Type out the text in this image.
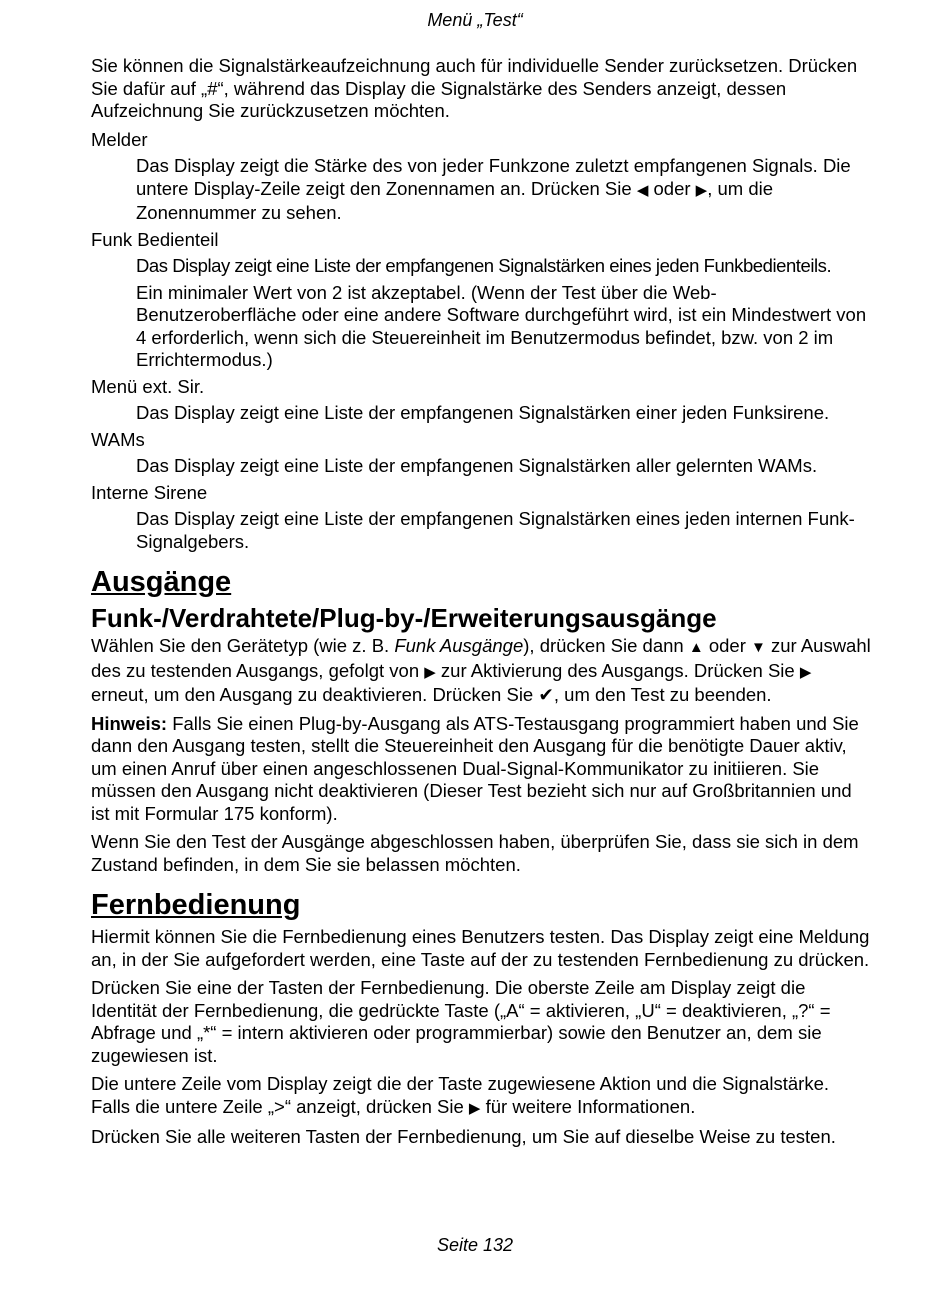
Menü „Test“

Sie können die Signalstärkeaufzeichnung auch für individuelle Sender zurücksetzen. Drücken Sie dafür auf „#“, während das Display die Signalstärke des Senders anzeigt, dessen Aufzeichnung Sie zurückzusetzen möchten.

Melder

Das Display zeigt die Stärke des von jeder Funkzone zuletzt empfangenen Signals. Die untere Display-Zeile zeigt den Zonennamen an. Drücken Sie ◀ oder ▶, um die Zonennummer zu sehen.

Funk Bedienteil

Das Display zeigt eine Liste der empfangenen Signalstärken eines jeden Funkbedienteils.

Ein minimaler Wert von 2 ist akzeptabel. (Wenn der Test über die Web-Benutzeroberfläche oder eine andere Software durchgeführt wird, ist ein Mindestwert von 4 erforderlich, wenn sich die Steuereinheit im Benutzermodus befindet, bzw. von 2 im Errichtermodus.)

Menü ext. Sir.

Das Display zeigt eine Liste der empfangenen Signalstärken einer jeden Funksirene.

WAMs

Das Display zeigt eine Liste der empfangenen Signalstärken aller gelernten WAMs.

Interne Sirene

Das Display zeigt eine Liste der empfangenen Signalstärken eines jeden internen Funk-Signalgebers.

Ausgänge
Funk-/Verdrahtete/Plug-by-/Erweiterungsausgänge

Wählen Sie den Gerätetyp (wie z. B. Funk Ausgänge), drücken Sie dann ▲ oder ▼ zur Auswahl des zu testenden Ausgangs, gefolgt von ▶ zur Aktivierung des Ausgangs. Drücken Sie ▶ erneut, um den Ausgang zu deaktivieren. Drücken Sie ✔, um den Test zu beenden.

Hinweis: Falls Sie einen Plug-by-Ausgang als ATS-Testausgang programmiert haben und Sie dann den Ausgang testen, stellt die Steuereinheit den Ausgang für die benötigte Dauer aktiv, um einen Anruf über einen angeschlossenen Dual-Signal-Kommunikator zu initiieren. Sie müssen den Ausgang nicht deaktivieren (Dieser Test bezieht sich nur auf Großbritannien und ist mit Formular 175 konform).

Wenn Sie den Test der Ausgänge abgeschlossen haben, überprüfen Sie, dass sie sich in dem Zustand befinden, in dem Sie sie belassen möchten.

Fernbedienung

Hiermit können Sie die Fernbedienung eines Benutzers testen. Das Display zeigt eine Meldung an, in der Sie aufgefordert werden, eine Taste auf der zu testenden Fernbedienung zu drücken.

Drücken Sie eine der Tasten der Fernbedienung. Die oberste Zeile am Display zeigt die Identität der Fernbedienung, die gedrückte Taste („A“ = aktivieren, „U“ = deaktivieren, „?“ = Abfrage und „*“ = intern aktivieren oder programmierbar) sowie den Benutzer an, dem sie zugewiesen ist.

Die untere Zeile vom Display zeigt die der Taste zugewiesene Aktion und die Signalstärke. Falls die untere Zeile „>“ anzeigt, drücken Sie ▶ für weitere Informationen.

Drücken Sie alle weiteren Tasten der Fernbedienung, um Sie auf dieselbe Weise zu testen.

Seite 132
